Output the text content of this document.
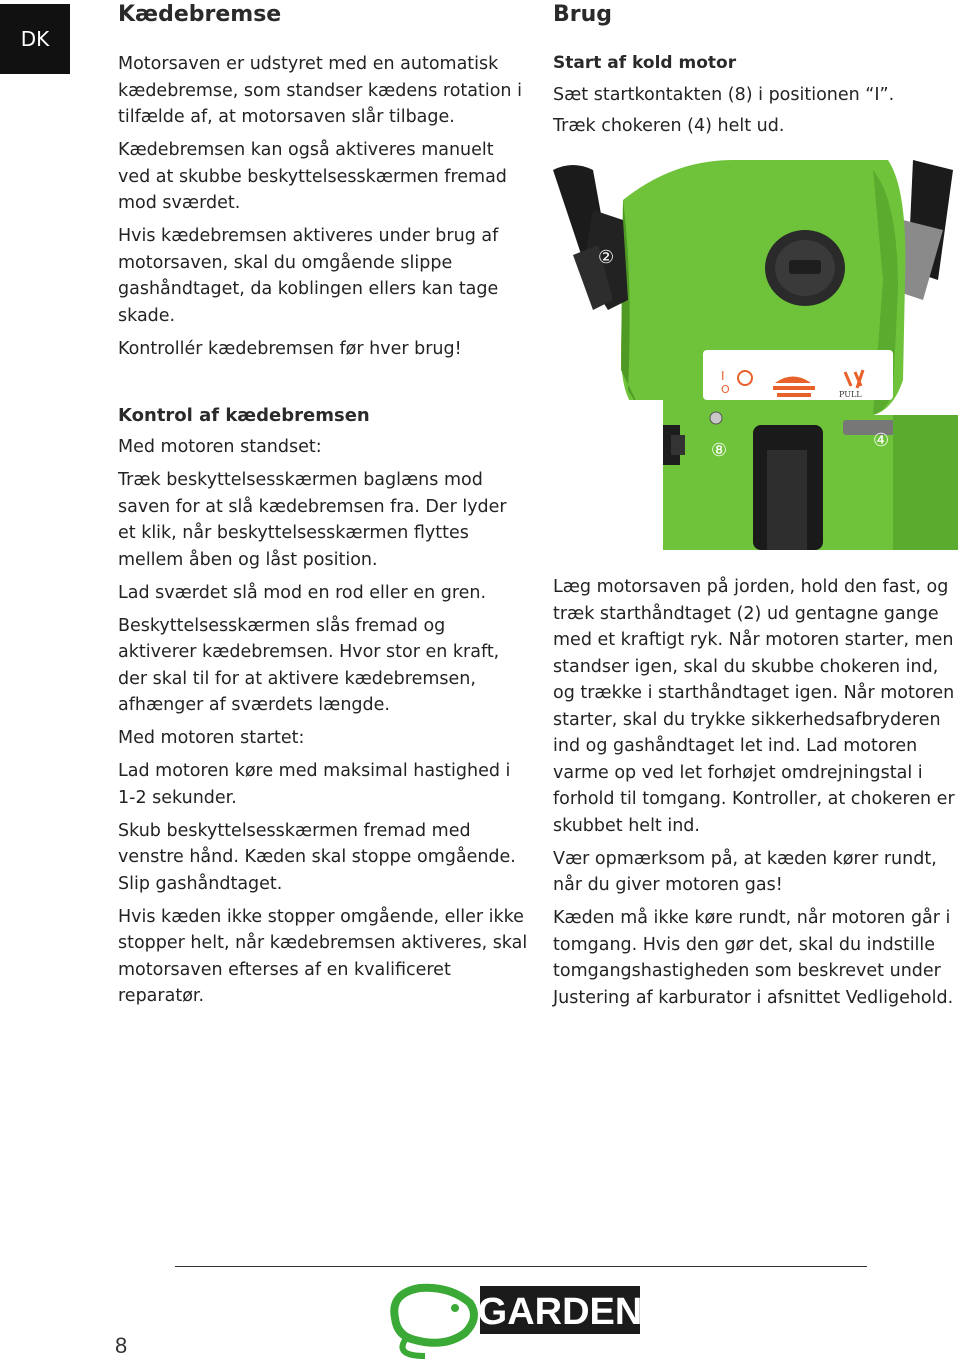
DK
Kædebremse

Motorsaven er udstyret med en automatisk kædebremse, som standser kædens rotation i tilfælde af, at motorsaven slår tilbage.

Kædebremsen kan også aktiveres manuelt ved at skubbe beskyttelsesskærmen fremad mod sværdet.

Hvis kædebremsen aktiveres under brug af motorsaven, skal du omgående slippe gashåndtaget, da koblingen ellers kan tage skade.

Kontrollér kædebremsen før hver brug!

Kontrol af kædebremsen

Med motoren standset:

Træk beskyttelsesskærmen baglæns mod saven for at slå kædebremsen fra. Der lyder et klik, når beskyttelsesskærmen flyttes mellem åben og låst position.

Lad sværdet slå mod en rod eller en gren.

Beskyttelsesskærmen slås fremad og aktiverer kædebremsen. Hvor stor en kraft, der skal til for at aktivere kædebremsen, afhænger af sværdets længde.

Med motoren startet:

Lad motoren køre med maksimal hastighed i 1-2 sekunder.

Skub beskyttelsesskærmen fremad med venstre hånd. Kæden skal stoppe omgående. Slip gashåndtaget.

Hvis kæden ikke stopper omgående, eller ikke stopper helt, når kædebremsen aktiveres, skal motorsaven efterses af en kvalificeret reparatør.

Brug
Start af kold motor

Sæt startkontakten (8) i positionen “I”.

Træk chokeren (4) helt ud.

I
O	PULL
②
⑧	④

Læg motorsaven på jorden, hold den fast, og træk starthåndtaget (2) ud gentagne gange med et kraftigt ryk. Når motoren starter, men standser igen, skal du skubbe chokeren ind, og trække i starthåndtaget igen. Når motoren starter, skal du trykke sikkerhedsafbryderen ind og gashåndtaget let ind. Lad motoren varme op ved let forhøjet omdrejningstal i forhold til tomgang. Kontroller, at chokeren er skubbet helt ind.

Vær opmærksom på, at kæden kører rundt, når du giver motoren gas!

Kæden må ikke køre rundt, når motoren går i tomgang. Hvis den gør det, skal du indstille tomgangshastigheden som beskrevet under Justering af karburator i afsnittet Vedligehold.

8
GARDEN
